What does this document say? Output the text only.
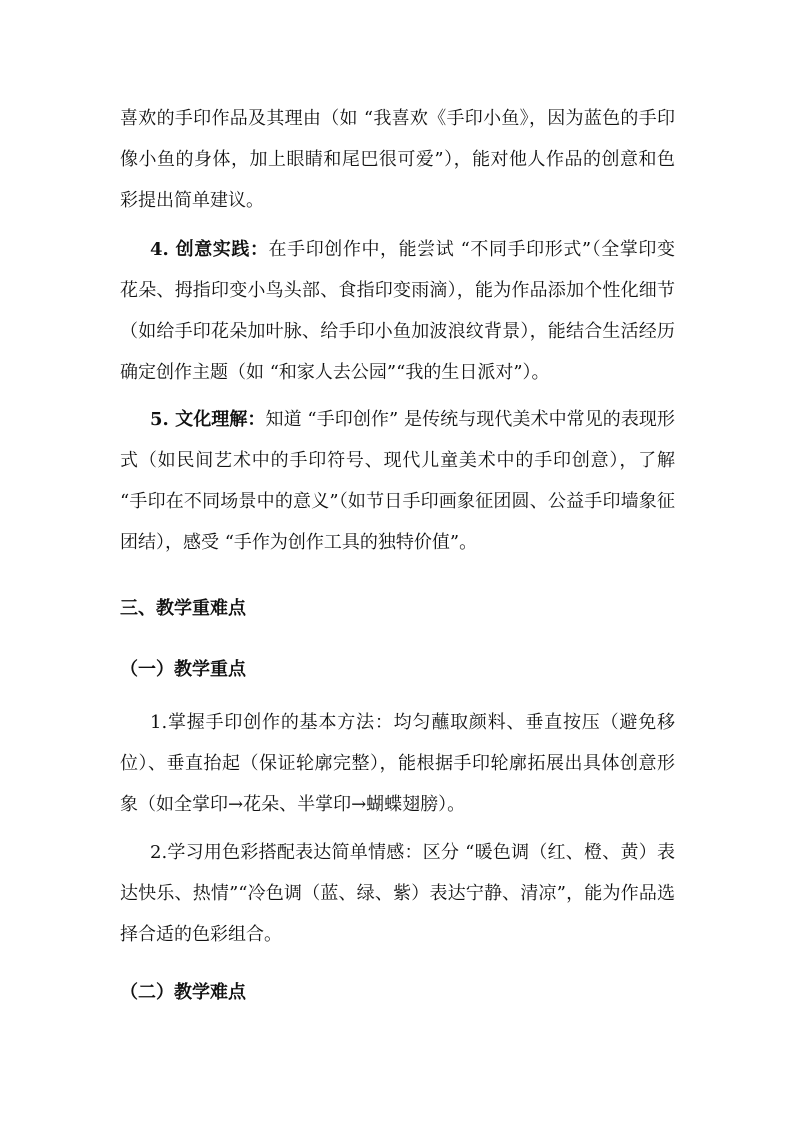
喜欢的手印作品及其理由（如 “我喜欢《手印小鱼》，因为蓝色的手印像小鱼的身体，加上眼睛和尾巴很可爱”），能对他人作品的创意和色彩提出简单建议。

4. 创意实践：在手印创作中，能尝试 “不同手印形式”（全掌印变花朵、拇指印变小鸟头部、食指印变雨滴），能为作品添加个性化细节（如给手印花朵加叶脉、给手印小鱼加波浪纹背景），能结合生活经历确定创作主题（如 “和家人去公园”“我的生日派对”）。

5. 文化理解：知道 “手印创作” 是传统与现代美术中常见的表现形式（如民间艺术中的手印符号、现代儿童美术中的手印创意），了解 “手印在不同场景中的意义”（如节日手印画象征团圆、公益手印墙象征团结），感受 “手作为创作工具的独特价值”。

三、教学重难点
（一）教学重点

1.掌握手印创作的基本方法：均匀蘸取颜料、垂直按压（避免移位）、垂直抬起（保证轮廓完整），能根据手印轮廓拓展出具体创意形象（如全掌印→花朵、半掌印→蝴蝶翅膀）。

2.学习用色彩搭配表达简单情感：区分 “暖色调（红、橙、黄）表达快乐、热情”“冷色调（蓝、绿、紫）表达宁静、清凉”，能为作品选择合适的色彩组合。

（二）教学难点
